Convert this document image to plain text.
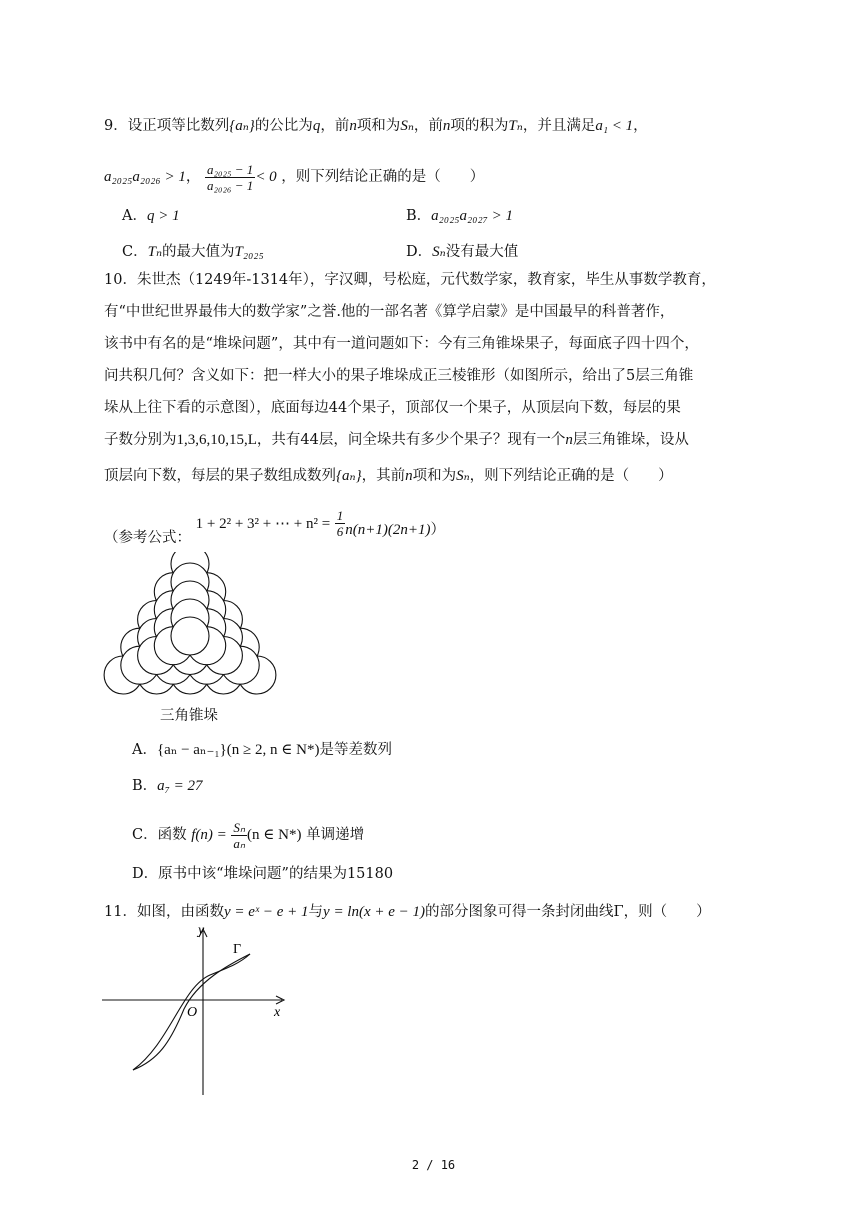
9．设正项等比数列{aₙ}的公比为q，前n项和为Sₙ，前n项的积为Tₙ，并且满足a₁ < 1，
a₂₀₂₅a₂₀₂₆ > 1， $\frac{\text{a₂₀₂₅ − 1}}{\text{a₂₀₂₆ − 1}} < 0$ ，则下列结论正确的是（　　）
A．q > 1	B．a₂₀₂₅a₂₀₂₇ > 1
C．Tₙ的最大值为T₂₀₂₅	D．Sₙ没有最大值
10．朱世杰（1249年-1314年），字汉卿，号松庭，元代数学家，教育家，毕生从事数学教育，
有“中世纪世界最伟大的数学家”之誉.他的一部名著《算学启蒙》是中国最早的科普著作，
该书中有名的是“堆垛问题”，其中有一道问题如下：今有三角锥垛果子，每面底子四十四个，
问共积几何？含义如下：把一样大小的果子堆垛成正三棱锥形（如图所示，给出了5层三角锥
垛从上往下看的示意图），底面每边44个果子，顶部仅一个果子，从顶层向下数，每层的果
子数分别为1,3,6,10,15,L，共有44层，问全垛共有多少个果子？现有一个n层三角锥垛，设从
顶层向下数，每层的果子数组成数列{aₙ}，其前n项和为Sₙ，则下列结论正确的是（　　）
（参考公式： 1 + 2² + 3² + ⋯ + $n^2 = \frac{1}{6} n(n+1)(2n+1)$）
三角锥垛
A．{aₙ − aₙ₋₁}(n ≥ 2, n ∈ N*)是等差数列
B．a₇ = 27
C．函数 $f(n) = \frac{\text{Sₙ}}{\text{aₙ}} (n$ ∈ N*) 单调递增
D．原书中该“堆垛问题”的结果为15180
11．如图，由函数y = eˣ − e + 1与y = ln(x + e − 1)的部分图象可得一条封闭曲线Γ，则（　　）
y
x
O
Γ
2 / 16
